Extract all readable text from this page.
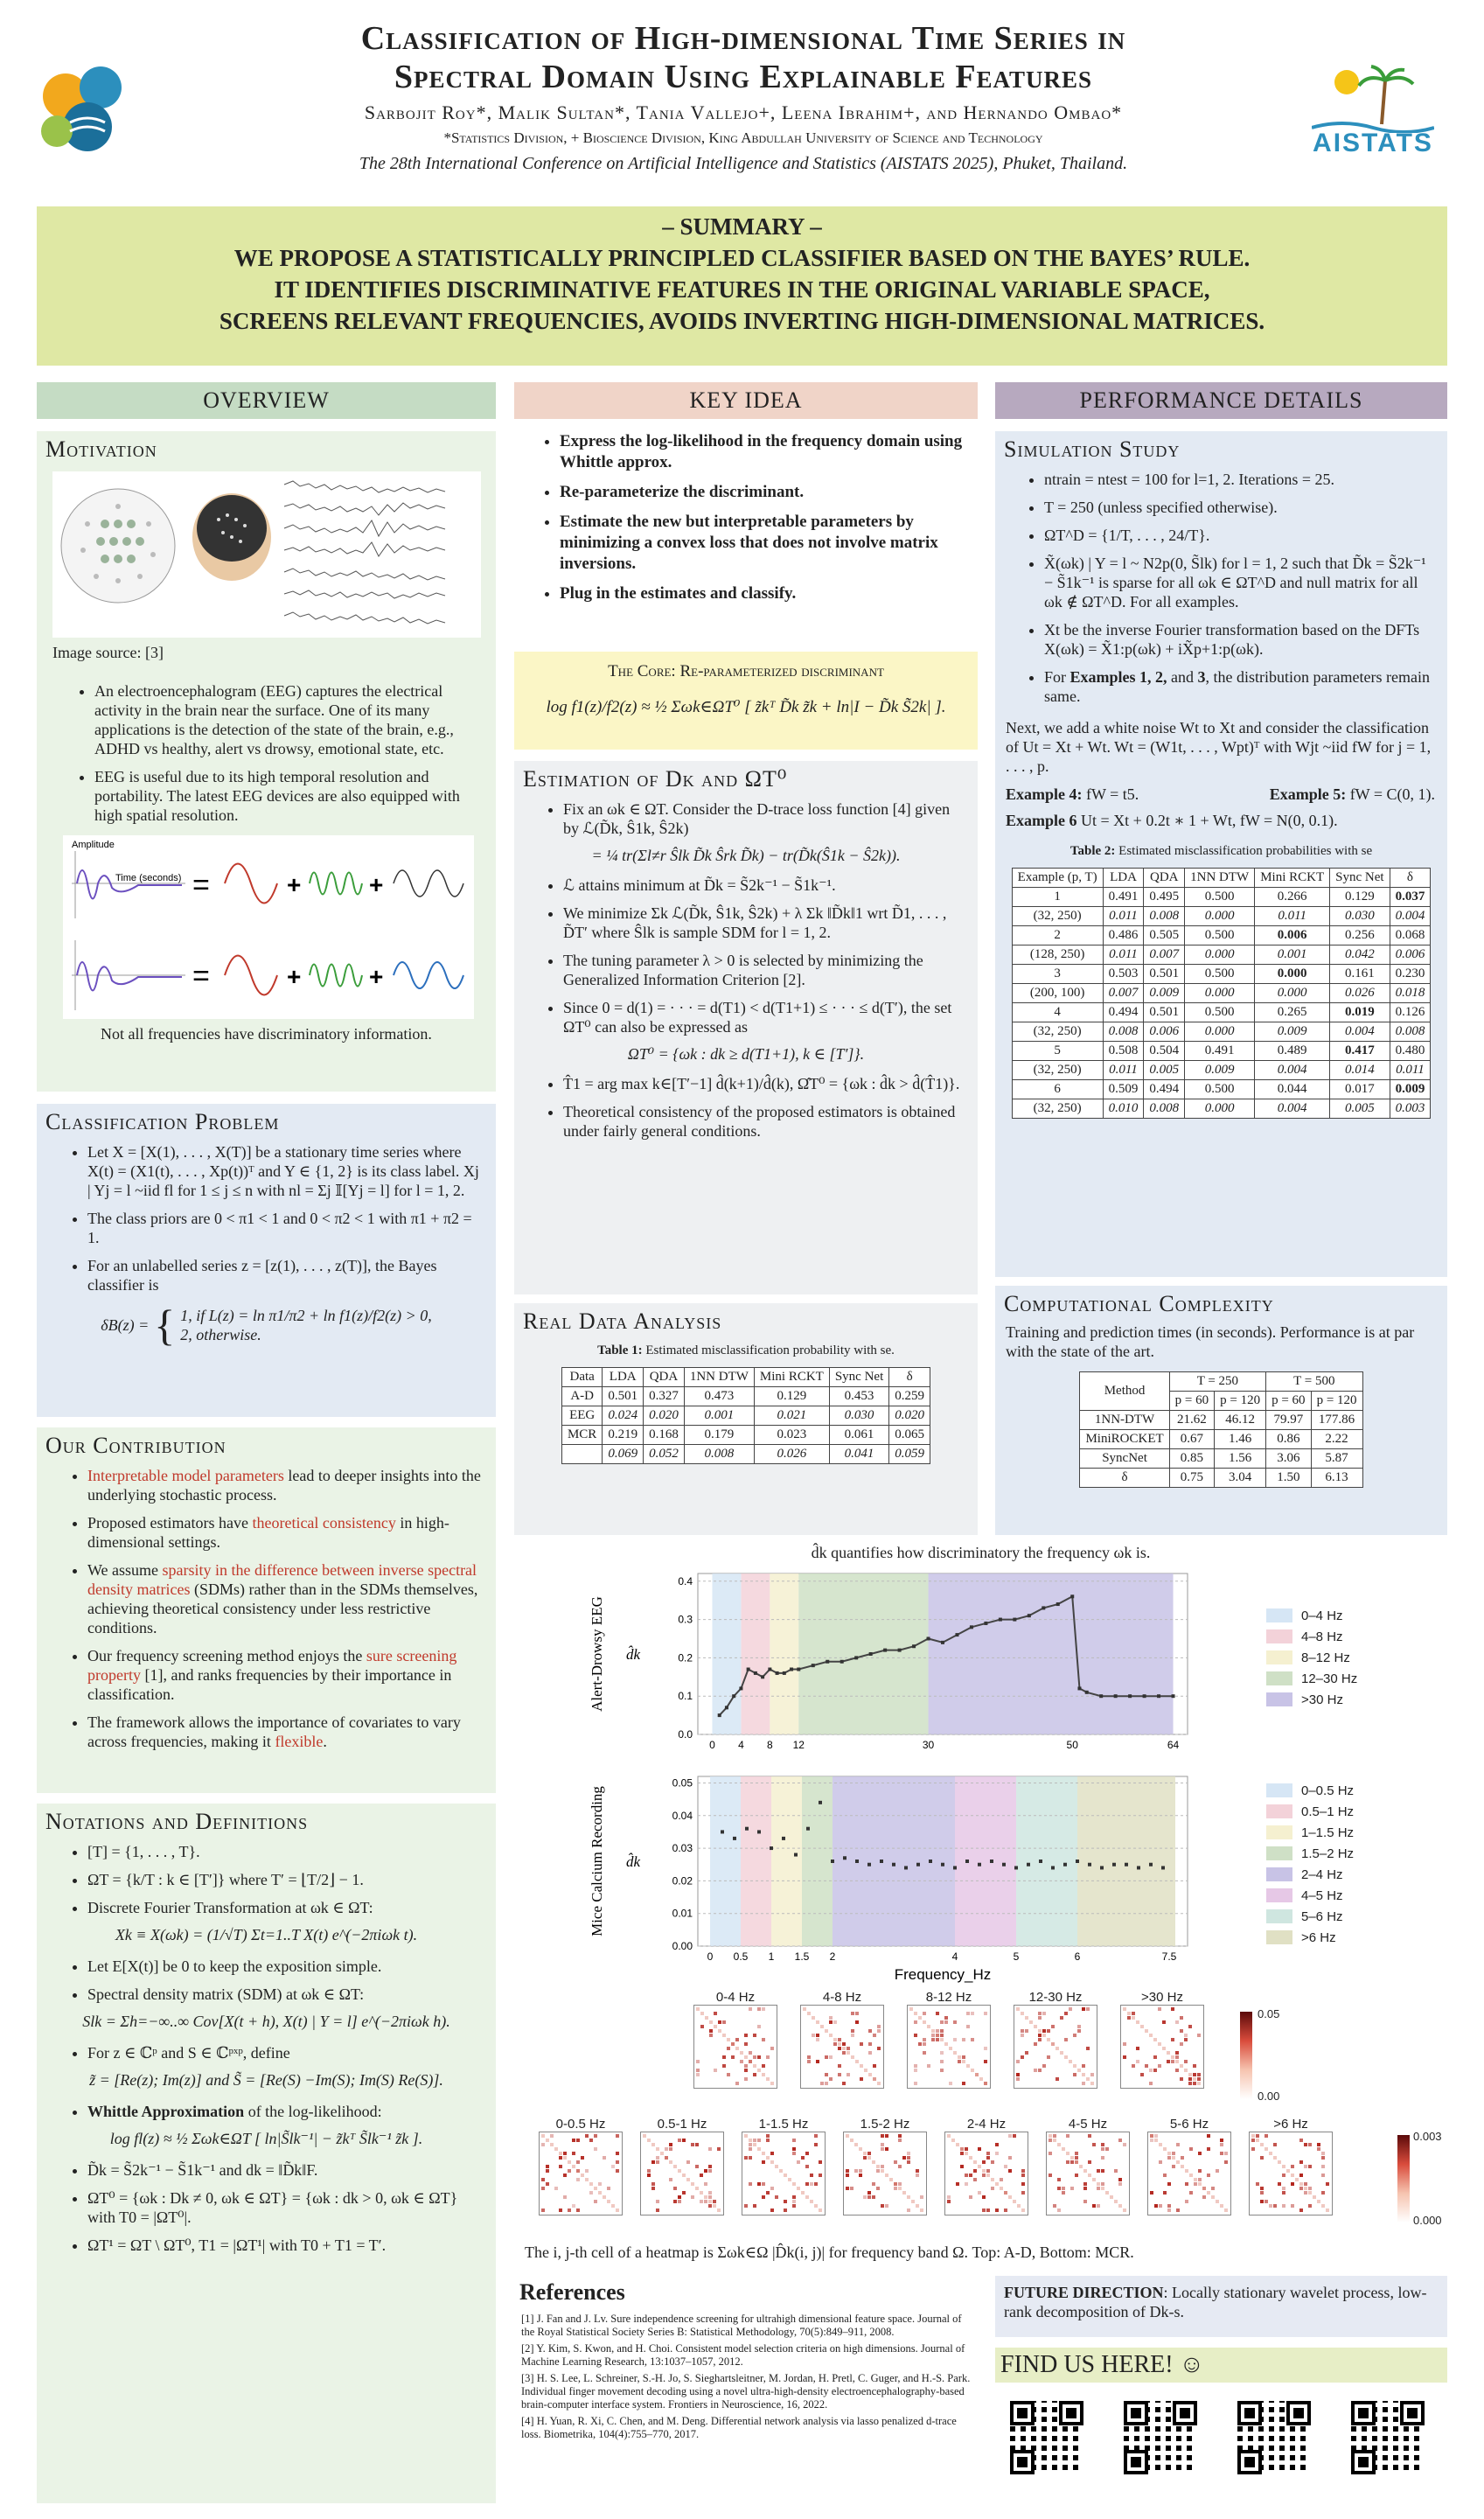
Classification of High-dimensional Time Series in
Spectral Domain Using Explainable Features
Sarbojit Roy*, Malik Sultan*, Tania Vallejo+, Leena Ibrahim+, and Hernando Ombao*
*Statistics Division, + Bioscience Division, King Abdullah University of Science and Technology
The 28th International Conference on Artificial Intelligence and Statistics (AISTATS 2025), Phuket, Thailand.
AISTATS
– SUMMARY –
WE PROPOSE A STATISTICALLY PRINCIPLED CLASSIFIER BASED ON THE BAYES’ RULE.
IT IDENTIFIES DISCRIMINATIVE FEATURES IN THE ORIGINAL VARIABLE SPACE,
SCREENS RELEVANT FREQUENCIES, AVOIDS INVERTING HIGH-DIMENSIONAL MATRICES.
OVERVIEW	KEY IDEA	PERFORMANCE DETAILS
Motivation
Image source: [3]
• An electroencephalogram (EEG) captures the electrical activity in the brain near the surface. One of its many applications is the detection of the state of the brain, e.g., ADHD vs healthy, alert vs drowsy, emotional state, etc.
• EEG is useful due to its high temporal resolution and portability. The latest EEG devices are also equipped with high spatial resolution.
Amplitude
Time (seconds) =	+	+
=	+	+
Not all frequencies have discriminatory information.
Classification Problem
• Let X = [X(1), . . . , X(T)] be a stationary time series where X(t) = (X1(t), . . . , Xp(t))ᵀ and Y ∈ {1, 2} is its class label. Xj | Yj = l ~iid fl for 1 ≤ j ≤ n with nl = Σj 𝕀[Yj = l] for l = 1, 2.
• The class priors are 0 < π1 < 1 and 0 < π2 < 1 with π1 + π2 = 1.
• For an unlabelled series z = [z(1), . . . , z(T)], the Bayes classifier is
δB(z) = { 1, if L(z) = ln π1/π2 + ln f1(z)/f2(z) > 0,
2, otherwise.
Our Contribution
• Interpretable model parameters lead to deeper insights into the underlying stochastic process.
• Proposed estimators have theoretical consistency in high-dimensional settings.
• We assume sparsity in the difference between inverse spectral density matrices (SDMs) rather than in the SDMs themselves, achieving theoretical consistency under less restrictive conditions.
• Our frequency screening method enjoys the sure screening property [1], and ranks frequencies by their importance in classification.
• The framework allows the importance of covariates to vary across frequencies, making it flexible.
Notations and Definitions
• [T] = {1, . . . , T}.
• ΩT = {k/T : k ∈ [T′]} where T′ = ⌊T/2⌋ − 1.
• Discrete Fourier Transformation at ωk ∈ ΩT:
Xk ≡ X(ωk) = (1/√T) Σt=1..T X(t) e^(−2πiωk t).
• Let E[X(t)] be 0 to keep the exposition simple.
• Spectral density matrix (SDM) at ωk ∈ ΩT:
Slk = Σh=−∞..∞ Cov[X(t + h), X(t) | Y = l] e^(−2πiωk h).
• For z ∈ ℂᵖ and S ∈ ℂᵖˣᵖ, define
z̃ = [Re(z); Im(z)] and S̃ = [Re(S) −Im(S); Im(S) Re(S)].
• Whittle Approximation of the log-likelihood:
log fl(z) ≈ ½ Σωk∈ΩT [ ln|S̃lk⁻¹| − z̃kᵀ S̃lk⁻¹ z̃k ].
• D̃k = S̃2k⁻¹ − S̃1k⁻¹ and dk = ‖D̃k‖F.
• ΩT⁰ = {ωk : Dk ≠ 0, ωk ∈ ΩT} = {ωk : dk > 0, ωk ∈ ΩT} with T0 = |ΩT⁰|.
• ΩT¹ = ΩT \ ΩT⁰, T1 = |ΩT¹| with T0 + T1 = T′.
• Express the log-likelihood in the frequency domain using Whittle approx.
• Re-parameterize the discriminant.
• Estimate the new but interpretable parameters by minimizing a convex loss that does not involve matrix inversions.
• Plug in the estimates and classify.
The Core: Re-parameterized discriminant
log f1(z)/f2(z) ≈ ½ Σωk∈ΩT⁰ [ z̃kᵀ D̃k z̃k + ln|I − D̃k S̃2k| ].
Estimation of Dk and ΩT⁰
• Fix an ωk ∈ ΩT. Consider the D-trace loss function [4] given by ℒ(D̃k, Ŝ1k, Ŝ2k)
= ¼ tr(Σl≠r Ŝlk D̃k Ŝrk D̃k) − tr(D̃k(Ŝ1k − Ŝ2k)).
• ℒ attains minimum at D̃k = S̃2k⁻¹ − S̃1k⁻¹.
• We minimize Σk ℒ(D̃k, Ŝ1k, Ŝ2k) + λ Σk ‖D̃k‖1 wrt D̃1, . . . , D̃T′ where Ŝlk is sample SDM for l = 1, 2.
• The tuning parameter λ > 0 is selected by minimizing the Generalized Information Criterion [2].
• Since 0 = d(1) = · · · = d(T1) < d(T1+1) ≤ · · · ≤ d(T′), the set ΩT⁰ can also be expressed as
ΩT⁰ = {ωk : dk ≥ d(T1+1), k ∈ [T′]}.
• T̂1 = arg max k∈[T′−1] d̂(k+1)/d̂(k), Ω̂T⁰ = {ωk : d̂k > d̂(T̂1)}.
• Theoretical consistency of the proposed estimators is obtained under fairly general conditions.
Real Data Analysis
Table 1: Estimated misclassification probability with se.
Data	LDA	QDA	1NN DTW	Mini RCKT	Sync Net	δ
A-D	0.501	0.327	0.473	0.129	0.453	0.259
EEG	0.024	0.020	0.001	0.021	0.030	0.020
MCR	0.219	0.168	0.179	0.023	0.061	0.065
	0.069	0.052	0.008	0.026	0.041	0.059
Simulation Study
• ntrain = ntest = 100 for l=1, 2. Iterations = 25.
• T = 250 (unless specified otherwise).
• ΩT^D = {1/T, . . . , 24/T}.
• X̃(ωk) | Y = l ~ N2p(0, S̃lk) for l = 1, 2 such that D̃k = S̃2k⁻¹ − S̃1k⁻¹ is sparse for all ωk ∈ ΩT^D and null matrix for all ωk ∉ ΩT^D. For all examples.
• Xt be the inverse Fourier transformation based on the DFTs X(ωk) = X̃1:p(ωk) + iX̃p+1:p(ωk).
• For Examples 1, 2, and 3, the distribution parameters remain same.
Next, we add a white noise Wt to Xt and consider the classification of Ut = Xt + Wt. Wt = (W1t, . . . , Wpt)ᵀ with Wjt ~iid fW for j = 1, . . . , p.
Example 4: fW = t5.	Example 5: fW = C(0, 1).
Example 6 Ut = Xt + 0.2t ∗ 1 + Wt, fW = N(0, 0.1).
Table 2: Estimated misclassification probabilities with se
Example (p, T)	LDA	QDA	1NN DTW	Mini RCKT	Sync Net	δ
1	0.491	0.495	0.500	0.266	0.129	0.037
(32, 250)	0.011	0.008	0.000	0.011	0.030	0.004
2	0.486	0.505	0.500	0.006	0.256	0.068
(128, 250)	0.011	0.007	0.000	0.001	0.042	0.006
3	0.503	0.501	0.500	0.000	0.161	0.230
(200, 100)	0.007	0.009	0.000	0.000	0.026	0.018
4	0.494	0.501	0.500	0.265	0.019	0.126
(32, 250)	0.008	0.006	0.000	0.009	0.004	0.008
5	0.508	0.504	0.491	0.489	0.417	0.480
(32, 250)	0.011	0.005	0.009	0.004	0.014	0.011
6	0.509	0.494	0.500	0.044	0.017	0.009
(32, 250)	0.010	0.008	0.000	0.004	0.005	0.003
Computational Complexity
Training and prediction times (in seconds). Performance is at par with the state of the art.
Method	T = 250		T = 500	
	p = 60	p = 120	p = 60	p = 120
1NN-DTW	21.62	46.12	79.97	177.86
MiniROCKET	0.67	1.46	0.86	2.22
SyncNet	0.85	1.56	3.06	5.87
δ	0.75	3.04	1.50	6.13
d̂k quantifies how discriminatory the frequency ωk is.
0.0
0.1
0.2
0.3
0.4
0 4 8 12	30	50	64
Alert-Drowsy EEG d̂k
0–4 Hz
4–8 Hz
8–12 Hz
12–30 Hz
>30 Hz
0.00
0.01
0.02
0.03
0.04
0.05
0 0.5 1 1.5 2	4	5	6	7.5
Mice Calcium Recording d̂k
Frequency_Hz
0–0.5 Hz
0.5–1 Hz
1–1.5 Hz
1.5–2 Hz
2–4 Hz
4–5 Hz
5–6 Hz
>6 Hz
0-4 Hz	4-8 Hz	8-12 Hz	12-30 Hz	>30 Hz
0.05
0.00
0-0.5 Hz	0.5-1 Hz	1-1.5 Hz	1.5-2 Hz	2-4 Hz	4-5 Hz	5-6 Hz	>6 Hz
0.003
0.000
The i, j-th cell of a heatmap is Σωk∈Ω |D̂k(i, j)| for frequency band Ω. Top: A-D, Bottom: MCR.
References
[1] J. Fan and J. Lv. Sure independence screening for ultrahigh dimensional feature space. Journal of the Royal Statistical Society Series B: Statistical Methodology, 70(5):849–911, 2008.
[2] Y. Kim, S. Kwon, and H. Choi. Consistent model selection criteria on high dimensions. Journal of Machine Learning Research, 13:1037–1057, 2012.
[3] H. S. Lee, L. Schreiner, S.-H. Jo, S. Sieghartsleitner, M. Jordan, H. Pretl, C. Guger, and H.-S. Park. Individual finger movement decoding using a novel ultra-high-density electroencephalography-based brain-computer interface system. Frontiers in Neuroscience, 16, 2022.
[4] H. Yuan, R. Xi, C. Chen, and M. Deng. Differential network analysis via lasso penalized d-trace loss. Biometrika, 104(4):755–770, 2017.
FUTURE DIRECTION: Locally stationary wavelet process, low-rank decomposition of Dk-s.
FIND US HERE! ☺
